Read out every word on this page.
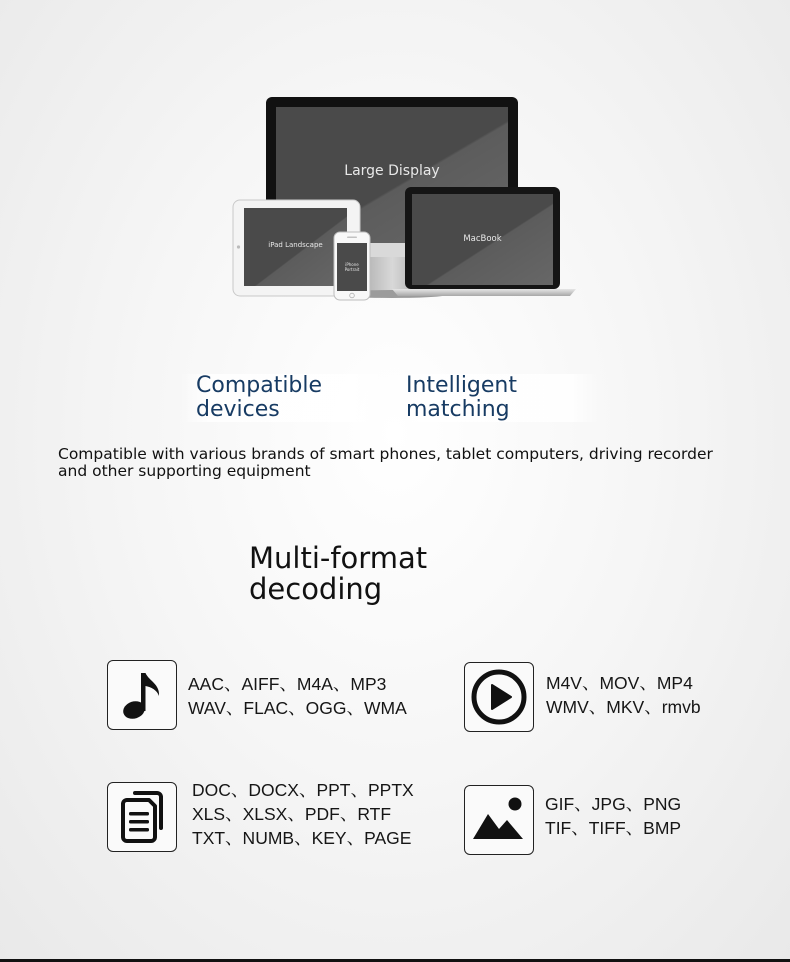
Large Display
iPad Landscape
iPhone
Portrait
MacBook
Compatible
devices
Intelligent
matching
Compatible with various brands of smart phones, tablet computers, driving recorder
and other supporting equipment
Multi-format
decoding
AAC、AIFF、M4A、MP3
WAV、FLAC、OGG、WMA
M4V、MOV、MP4
WMV、MKV、rmvb
DOC、DOCX、PPT、PPTX
XLS、XLSX、PDF、RTF
TXT、NUMB、KEY、PAGE
GIF、JPG、PNG
TIF、TIFF、BMP
